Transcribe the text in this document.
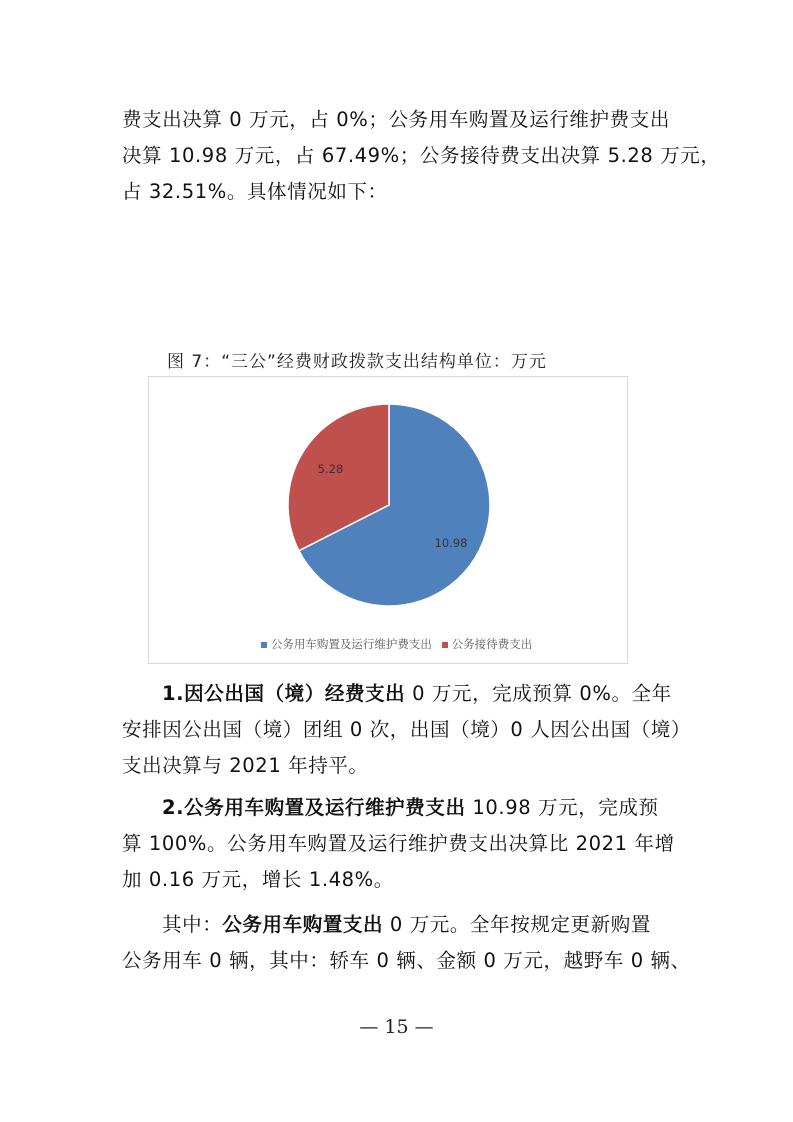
费支出决算 0 万元，占 0%；公务用车购置及运行维护费支出
决算 10.98 万元，占 67.49%；公务接待费支出决算 5.28 万元，
占 32.51%。具体情况如下：

图 7：“三公”经费财政拨款支出结构单位：万元

10.98
5.28
公务用车购置及运行维护费支出 公务接待费支出
1.因公出国（境）经费支出 0 万元，完成预算 0%。全年
安排因公出国（境）团组 0 次，出国（境）0 人因公出国（境）
支出决算与 2021 年持平。
2.公务用车购置及运行维护费支出 10.98 万元，完成预
算 100%。公务用车购置及运行维护费支出决算比 2021 年增
加 0.16 万元，增长 1.48%。
其中：公务用车购置支出 0 万元。全年按规定更新购置
公务用车 0 辆，其中：轿车 0 辆、金额 0 万元，越野车 0 辆、

— 15 —
